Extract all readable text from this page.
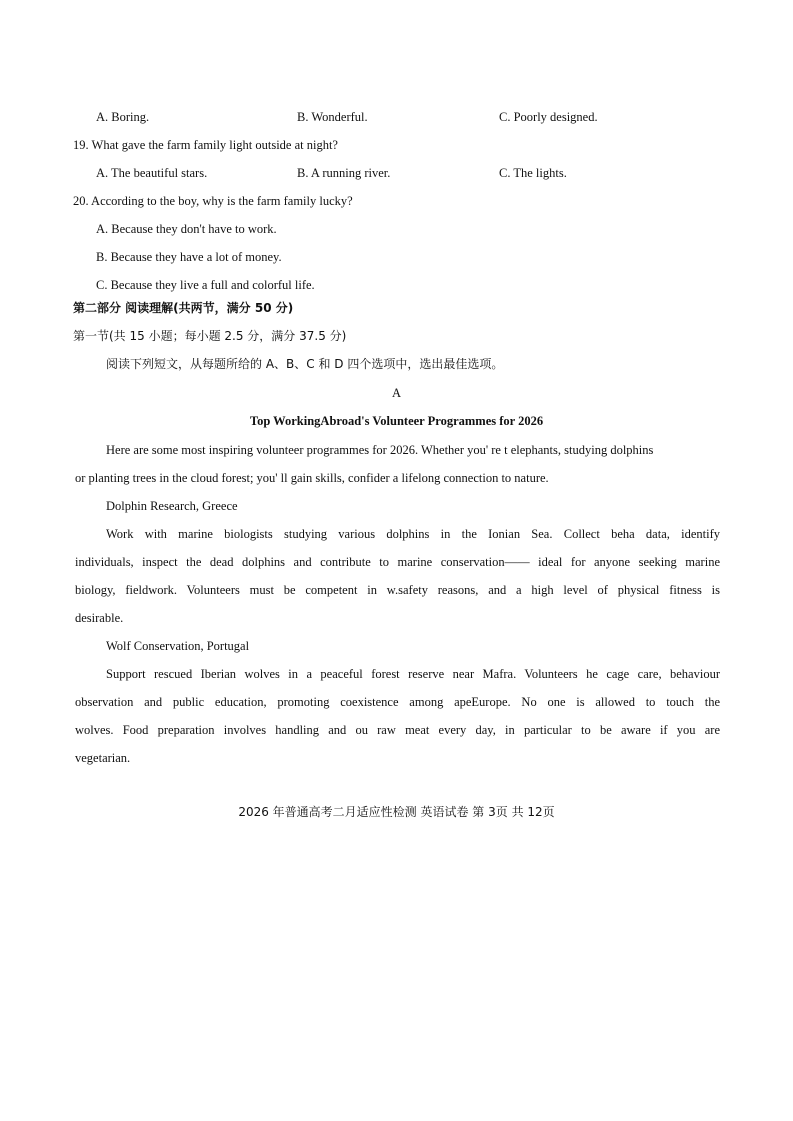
A. Boring.	B. Wonderful.	C. Poorly designed.
19. What gave the farm family light outside at night?
A. The beautiful stars.	B. A running river.	C. The lights.
20. According to the boy, why is the farm family lucky?
A. Because they don't have to work.
B. Because they have a lot of money.
C. Because they live a full and colorful life.
第二部分 阅读理解(共两节，满分 50 分)
第一节(共 15 小题；每小题 2.5 分，满分 37.5 分)
阅读下列短文，从每题所给的 A、B、C 和 D 四个选项中，选出最佳选项。
A
Top WorkingAbroad's Volunteer Programmes for 2026
Here are some most inspiring volunteer programmes for 2026. Whether you' re t elephants, studying dolphins
or planting trees in the cloud forest; you' ll gain skills, confider a lifelong connection to nature.
Dolphin Research, Greece
Work with marine biologists studying various dolphins in the Ionian Sea. Collect beha data, identify
individuals, inspect the dead dolphins and contribute to marine conservation—— ideal for anyone seeking marine
biology, fieldwork. Volunteers must be competent in w.safety reasons, and a high level of physical fitness is
desirable.
Wolf Conservation, Portugal
Support rescued Iberian wolves in a peaceful forest reserve near Mafra. Volunteers he cage care, behaviour
observation and public education, promoting coexistence among apeEurope. No one is allowed to touch the
wolves. Food preparation involves handling and ou raw meat every day, in particular to be aware if you are
vegetarian.
2026 年普通高考二月适应性检测 英语试卷 第 3页 共 12页
